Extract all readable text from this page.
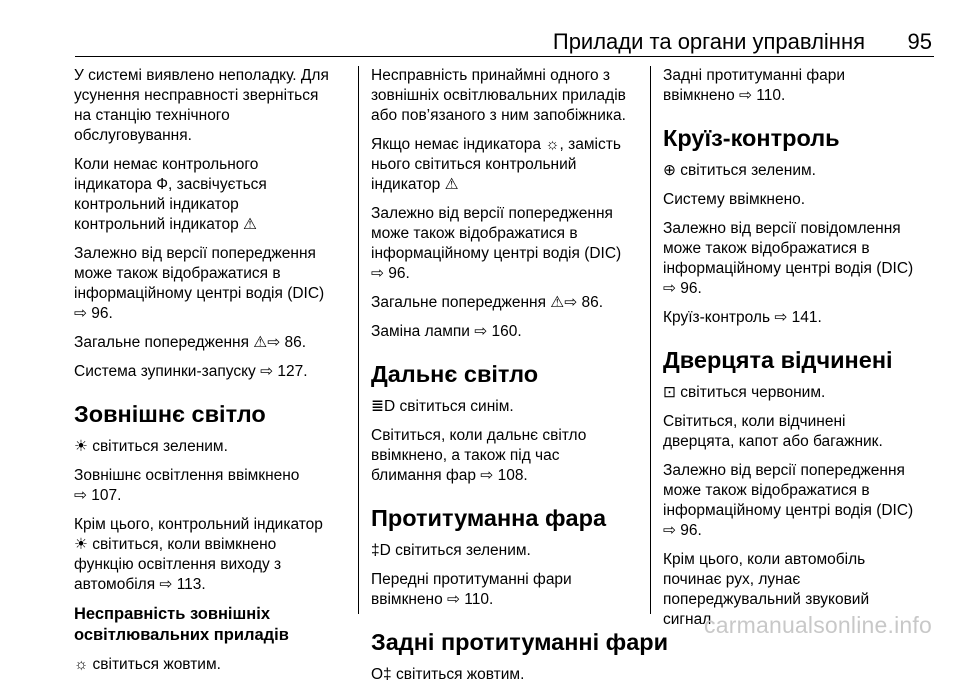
Прилади та органи управління 95

У системі виявлено неполадку. Для
усунення несправності зверніться
на станцію технічного
обслуговування.

Коли немає контрольного
індикатора Ф, засвічується
контрольний індикатор
контрольний індикатор ⚠

Залежно від версії попередження
може також відображатися в
інформаційному центрі водія (DIC)
⇨ 96.

Загальне попередження ⚠⇨ 86.

Система зупинки-запуску ⇨ 127.

Зовнішнє світло

☀ світиться зеленим.

Зовнішнє освітлення ввімкнено
⇨ 107.

Крім цього, контрольний індикатор
☀ світиться, коли ввімкнено
функцію освітлення виходу з
автомобіля ⇨ 113.

Несправність зовнішніх
освітлювальних приладів

☼ світиться жовтим.

Несправність принаймні одного з
зовнішніх освітлювальних приладів
або пов’язаного з ним запобіжника.

Якщо немає індикатора ☼, замість
нього світиться контрольний
індикатор ⚠

Залежно від версії попередження
може також відображатися в
інформаційному центрі водія (DIC)
⇨ 96.

Загальне попередження ⚠⇨ 86.

Заміна лампи ⇨ 160.

Дальнє світло

≣D світиться синім.

Світиться, коли дальнє світло
ввімкнено, а також під час
блимання фар ⇨ 108.

Протитуманна фара

‡D світиться зеленим.

Передні протитуманні фари
ввімкнено ⇨ 110.

Задні протитуманні фари

O‡ світиться жовтим.

Задні протитуманні фари
ввімкнено ⇨ 110.

Круїз-контроль

⊕ світиться зеленим.

Систему ввімкнено.

Залежно від версії повідомлення
може також відображатися в
інформаційному центрі водія (DIC)
⇨ 96.

Круїз-контроль ⇨ 141.

Дверцята відчинені

⊡ світиться червоним.

Світиться, коли відчинені
дверцята, капот або багажник.

Залежно від версії попередження
може також відображатися в
інформаційному центрі водія (DIC)
⇨ 96.

Крім цього, коли автомобіль
починає рух, лунає
попереджувальний звуковий
сигнал.

carmanualsonline.info
